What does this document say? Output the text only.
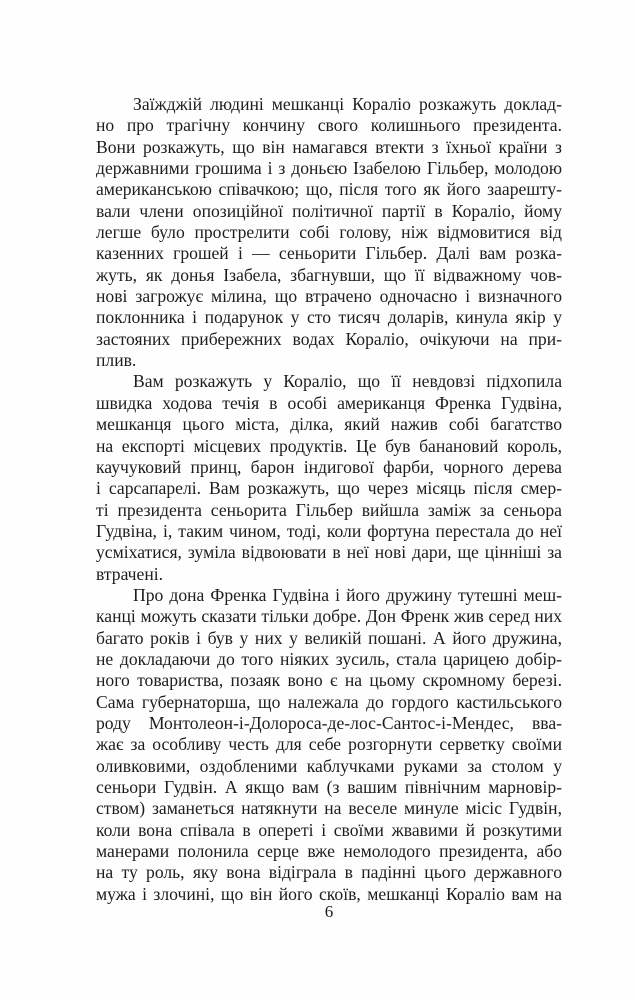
Заїжджій людині мешканці Кораліо розкажуть доклад-
но про трагічну кончину свого колишнього президента.
Вони розкажуть, що він намагався втекти з їхньої країни з
державними грошима і з доньєю Ізабелою Гільбер, молодою
американською співачкою; що, після того як його заарешту-
вали члени опозиційної політичної партії в Кораліо, йому
легше було прострелити собі голову, ніж відмовитися від
казенних грошей і — сеньорити Гільбер. Далі вам розка-
жуть, як донья Ізабела, збагнувши, що її відважному чов-
нові загрожує мілина, що втрачено одночасно і визначного
поклонника і подарунок у сто тисяч доларів, кинула якір у
застояних прибережних водах Кораліо, очікуючи на при-
плив.
Вам розкажуть у Кораліо, що її невдовзі підхопила
швидка ходова течія в особі американця Френка Гудвіна,
мешканця цього міста, ділка, який нажив собі багатство
на експорті місцевих продуктів. Це був банановий король,
каучуковий принц, барон індигової фарби, чорного дерева
і сарсапарелі. Вам розкажуть, що через місяць після смер-
ті президента сеньорита Гільбер вийшла заміж за сеньора
Гудвіна, і, таким чином, тоді, коли фортуна перестала до неї
усміхатися, зуміла відвоювати в неї нові дари, ще цінніші за
втрачені.
Про дона Френка Гудвіна і його дружину тутешні меш-
канці можуть сказати тільки добре. Дон Френк жив серед них
багато років і був у них у великій пошані. А його дружина,
не докладаючи до того ніяких зусиль, стала царицею добір-
ного товариства, позаяк воно є на цьому скромному березі.
Сама губернаторша, що належала до гордого кастильського
роду Монтолеон-і-Долороса-де-лос-Сантос-і-Мендес, вва-
жає за особливу честь для себе розгорнути серветку своїми
оливковими, оздобленими каблучками руками за столом у
сеньори Гудвін. А якщо вам (з вашим північним марновір-
ством) заманеться натякнути на веселе минуле місіс Гудвін,
коли вона співала в опереті і своїми жвавими й розкутими
манерами полонила серце вже немолодого президента, або
на ту роль, яку вона відіграла в падінні цього державного
мужа і злочині, що він його скоїв, мешканці Кораліо вам на
6
